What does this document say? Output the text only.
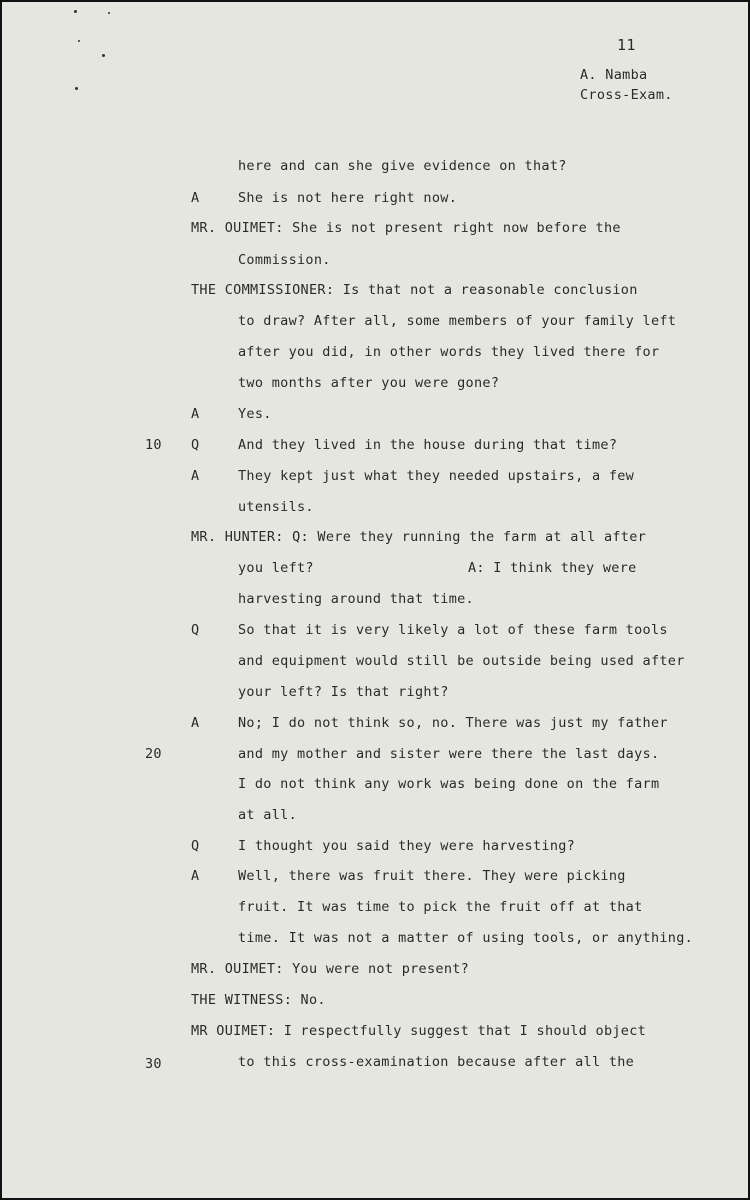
11
A. Namba
Cross-Exam.
10
20
30
here and can she give evidence on that?
A	She is not here right now.
MR. OUIMET: She is not present right now before the
Commission.
THE COMMISSIONER: Is that not a reasonable conclusion
to draw? After all, some members of your family left
after you did, in other words they lived there for
two months after you were gone?
A	Yes.
Q	And they lived in the house during that time?
A	They kept just what they needed upstairs, a few
utensils.
MR. HUNTER: Q: Were they running the farm at all after
you left?	A: I think they were
harvesting around that time.
Q	So that it is very likely a lot of these farm tools
and equipment would still be outside being used after
your left? Is that right?
A	No; I do not think so, no. There was just my father
and my mother and sister were there the last days.
I do not think any work was being done on the farm
at all.
Q	I thought you said they were harvesting?
A	Well, there was fruit there. They were picking
fruit. It was time to pick the fruit off at that
time. It was not a matter of using tools, or anything.
MR. OUIMET: You were not present?
THE WITNESS: No.
MR OUIMET: I respectfully suggest that I should object
to this cross-examination because after all the
